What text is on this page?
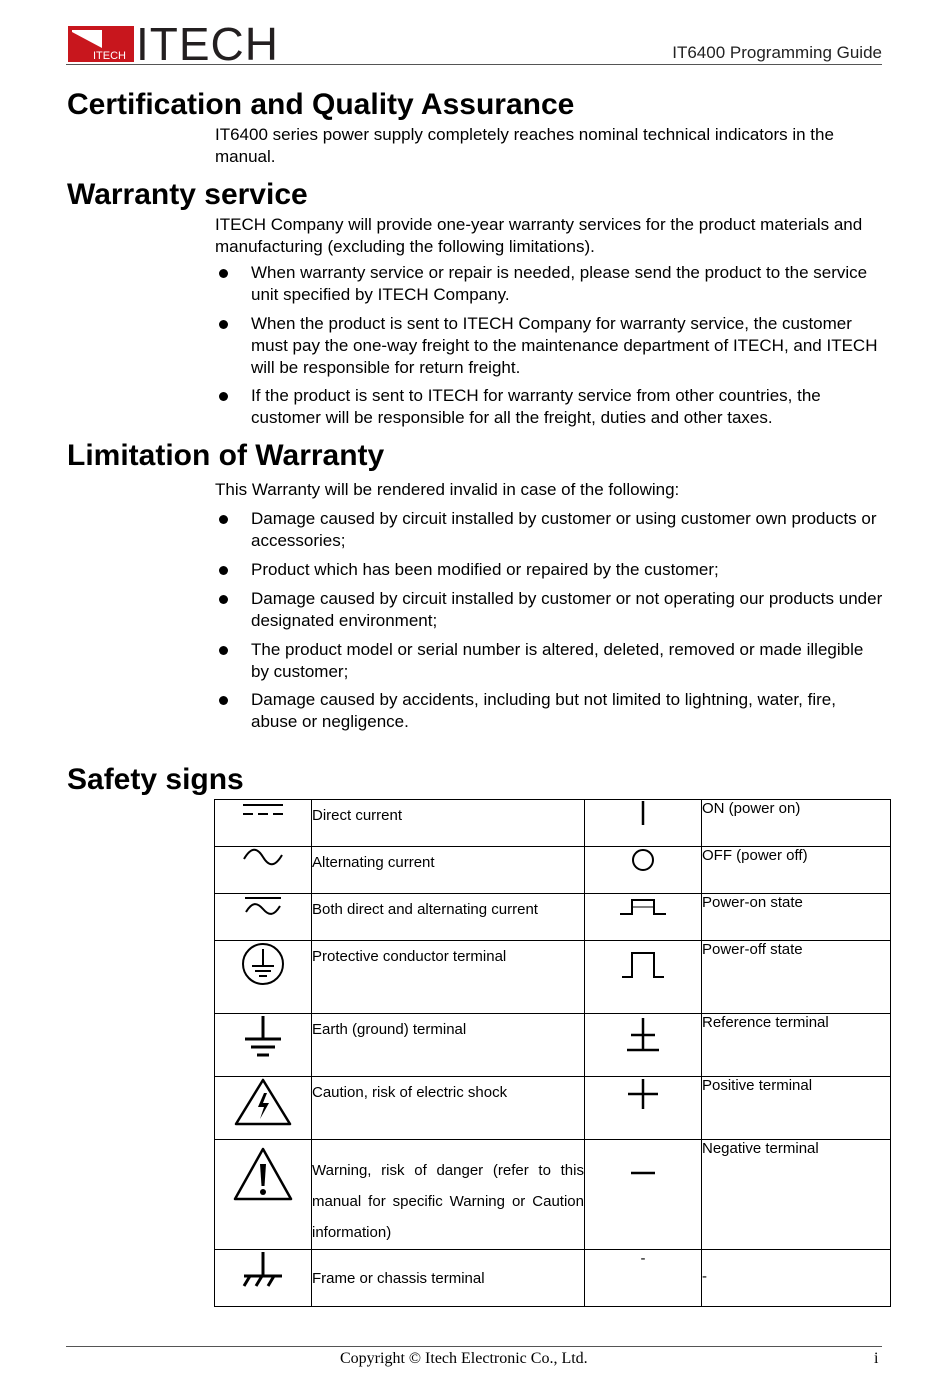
ITECH ITECH	IT6400 Programming Guide
Certification and Quality Assurance

IT6400 series power supply completely reaches nominal technical indicators in the manual.

Warranty service

ITECH Company will provide one-year warranty services for the product materials and manufacturing (excluding the following limitations).

When warranty service or repair is needed, please send the product to the service unit specified by ITECH Company.
When the product is sent to ITECH Company for warranty service, the customer must pay the one-way freight to the maintenance department of ITECH, and ITECH will be responsible for return freight.
If the product is sent to ITECH for warranty service from other countries, the customer will be responsible for all the freight, duties and other taxes.
Limitation of Warranty

This Warranty will be rendered invalid in case of the following:

Damage caused by circuit installed by customer or using customer own products or accessories;
Product which has been modified or repaired by the customer;
Damage caused by circuit installed by customer or not operating our products under designated environment;
The product model or serial number is altered, deleted, removed or made illegible by customer;
Damage caused by accidents, including but not limited to lightning, water, fire, abuse or negligence.
Safety signs
	Direct current		ON (power on)

	Alternating current		OFF (power off)

	Both direct and alternating current		Power-on state

	Protective conductor terminal		Power-off state

	Earth (ground) terminal		Reference terminal

	Caution, risk of electric shock		Positive terminal

	Warning, risk of danger (refer to this manual for specific Warning or Caution information)		Negative terminal

	Frame or chassis terminal	-	-
Copyright © Itech Electronic Co., Ltd.	i
